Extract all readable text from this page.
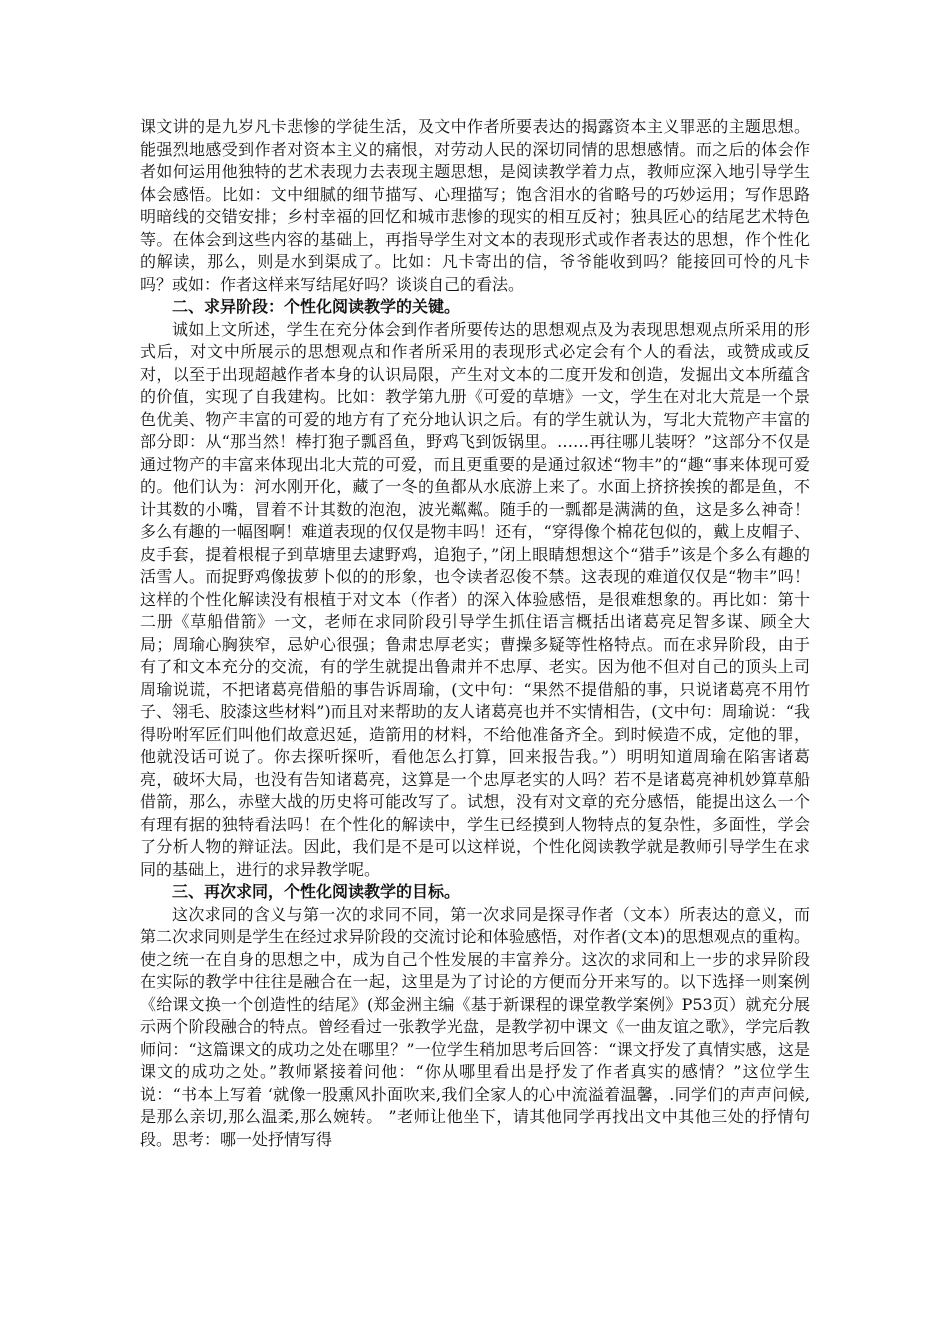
课文讲的是九岁凡卡悲惨的学徒生活，及文中作者所要表达的揭露资本主义罪恶的主题思想。能强烈地感受到作者对资本主义的痛恨，对劳动人民的深切同情的思想感情。而之后的体会作者如何运用他独特的艺术表现力去表现主题思想，是阅读教学着力点，教师应深入地引导学生体会感悟。比如：文中细腻的细节描写、心理描写；饱含泪水的省略号的巧妙运用；写作思路明暗线的交错安排；乡村幸福的回忆和城市悲惨的现实的相互反衬；独具匠心的结尾艺术特色等。在体会到这些内容的基础上，再指导学生对文本的表现形式或作者表达的思想，作个性化的解读，那么，则是水到渠成了。比如：凡卡寄出的信，爷爷能收到吗？能接回可怜的凡卡吗？或如：作者这样来写结尾好吗？谈谈自己的看法。

二、求异阶段：个性化阅读教学的关键。

诚如上文所述，学生在充分体会到作者所要传达的思想观点及为表现思想观点所采用的形式后，对文中所展示的思想观点和作者所采用的表现形式必定会有个人的看法，或赞成或反对，以至于出现超越作者本身的认识局限，产生对文本的二度开发和创造，发掘出文本所蕴含的价值，实现了自我建构。比如：教学第九册《可爱的草塘》一文，学生在对北大荒是一个景色优美、物产丰富的可爱的地方有了充分地认识之后。有的学生就认为，写北大荒物产丰富的部分即：从“那当然！棒打狍子瓢舀鱼，野鸡飞到饭锅里。……再往哪儿装呀？”这部分不仅是通过物产的丰富来体现出北大荒的可爱，而且更重要的是通过叙述“物丰”的“趣“事来体现可爱的。他们认为：河水刚开化，藏了一冬的鱼都从水底游上来了。水面上挤挤挨挨的都是鱼，不计其数的小嘴，冒着不计其数的泡泡，波光粼粼。随手的一瓢都是满满的鱼，这是多么神奇！多么有趣的一幅图啊！难道表现的仅仅是物丰吗！还有，“穿得像个棉花包似的，戴上皮帽子、皮手套，提着根棍子到草塘里去逮野鸡，追狍子，”闭上眼睛想想这个“猎手”该是个多么有趣的活雪人。而捉野鸡像拔萝卜似的的形象，也令读者忍俊不禁。这表现的难道仅仅是“物丰”吗！这样的个性化解读没有根植于对文本（作者）的深入体验感悟，是很难想象的。再比如：第十二册《草船借箭》一文，老师在求同阶段引导学生抓住语言概括出诸葛亮足智多谋、顾全大局；周瑜心胸狭窄，忌妒心很强；鲁肃忠厚老实；曹操多疑等性格特点。而在求异阶段，由于有了和文本充分的交流，有的学生就提出鲁肃并不忠厚、老实。因为他不但对自己的顶头上司周瑜说谎，不把诸葛亮借船的事告诉周瑜，(文中句：“果然不提借船的事，只说诸葛亮不用竹子、翎毛、胶漆这些材料”)而且对来帮助的友人诸葛亮也并不实情相告，(文中句：周瑜说：“我得吩咐军匠们叫他们故意迟延，造箭用的材料，不给他准备齐全。到时候造不成，定他的罪，他就没话可说了。你去探听探听，看他怎么打算，回来报告我。”）明明知道周瑜在陷害诸葛亮，破坏大局，也没有告知诸葛亮，这算是一个忠厚老实的人吗？若不是诸葛亮神机妙算草船借箭，那么，赤壁大战的历史将可能改写了。试想，没有对文章的充分感悟，能提出这么一个有理有据的独特看法吗！在个性化的解读中，学生已经摸到人物特点的复杂性，多面性，学会了分析人物的辩证法。因此，我们是不是可以这样说，个性化阅读教学就是教师引导学生在求同的基础上，进行的求异教学呢。

三、再次求同，个性化阅读教学的目标。

这次求同的含义与第一次的求同不同，第一次求同是探寻作者（文本）所表达的意义，而第二次求同则是学生在经过求异阶段的交流讨论和体验感悟，对作者(文本)的思想观点的重构。使之统一在自身的思想之中，成为自己个性发展的丰富养分。这次的求同和上一步的求异阶段在实际的教学中往往是融合在一起，这里是为了讨论的方便而分开来写的。以下选择一则案例《给课文换一个创造性的结尾》(郑金洲主编《基于新课程的课堂教学案例》P53页）就充分展示两个阶段融合的特点。曾经看过一张教学光盘，是教学初中课文《一曲友谊之歌》，学完后教师问：“这篇课文的成功之处在哪里？”一位学生稍加思考后回答：“课文抒发了真情实感，这是课文的成功之处。”教师紧接着问他：“你从哪里看出是抒发了作者真实的感情？”这位学生说：“书本上写着 ‘就像一股熏风扑面吹来,我们全家人的心中流溢着温馨，.同学们的声声问候,是那么亲切,那么温柔,那么婉转。 ”老师让他坐下，请其他同学再找出文中其他三处的抒情句段。思考：哪一处抒情写得
